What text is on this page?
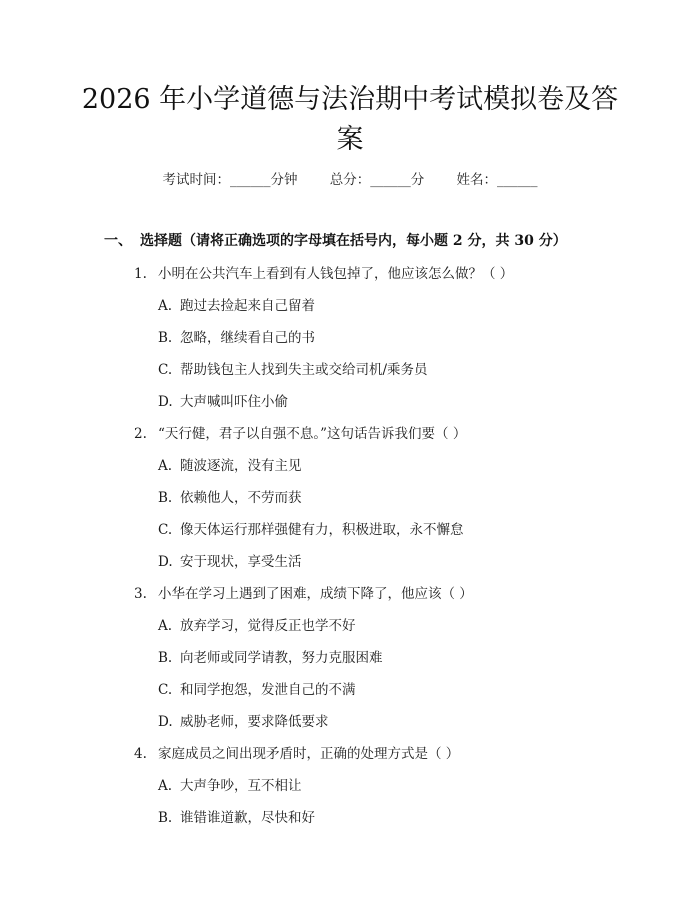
2026 年小学道德与法治期中考试模拟卷及答案
考试时间：______分钟 总分：______分 姓名：______
一、 选择题（请将正确选项的字母填在括号内，每小题 2 分，共 30 分）
1. 小明在公共汽车上看到有人钱包掉了，他应该怎么做？（ ）
A. 跑过去捡起来自己留着
B. 忽略，继续看自己的书
C. 帮助钱包主人找到失主或交给司机/乘务员
D. 大声喊叫吓住小偷
2. “天行健，君子以自强不息。”这句话告诉我们要（ ）
A. 随波逐流，没有主见
B. 依赖他人，不劳而获
C. 像天体运行那样强健有力，积极进取，永不懈怠
D. 安于现状，享受生活
3. 小华在学习上遇到了困难，成绩下降了，他应该（ ）
A. 放弃学习，觉得反正也学不好
B. 向老师或同学请教，努力克服困难
C. 和同学抱怨，发泄自己的不满
D. 威胁老师，要求降低要求
4. 家庭成员之间出现矛盾时，正确的处理方式是（ ）
A. 大声争吵，互不相让
B. 谁错谁道歉，尽快和好
